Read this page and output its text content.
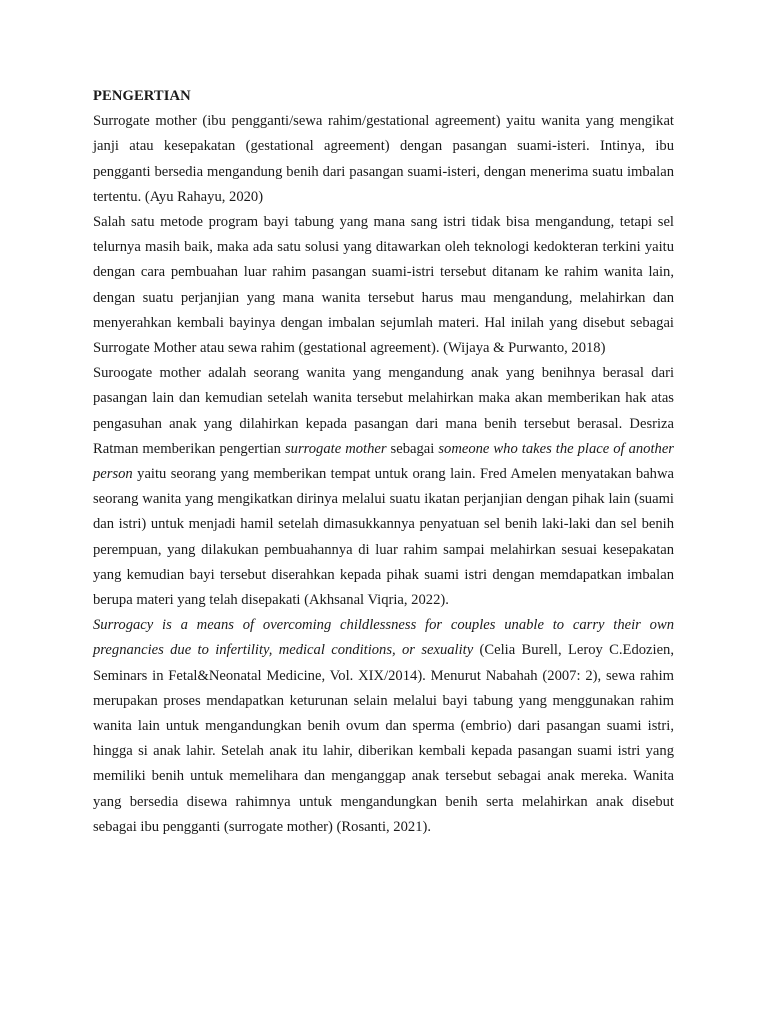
PENGERTIAN

Surrogate mother (ibu pengganti/sewa rahim/gestational agreement) yaitu wanita yang mengikat janji atau kesepakatan (gestational agreement) dengan pasangan suami-isteri. Intinya, ibu pengganti bersedia mengandung benih dari pasangan suami-isteri, dengan menerima suatu imbalan tertentu. (Ayu Rahayu, 2020)

Salah satu metode program bayi tabung yang mana sang istri tidak bisa mengandung, tetapi sel telurnya masih baik, maka ada satu solusi yang ditawarkan oleh teknologi kedokteran terkini yaitu dengan cara pembuahan luar rahim pasangan suami-istri tersebut ditanam ke rahim wanita lain, dengan suatu perjanjian yang mana wanita tersebut harus mau mengandung, melahirkan dan menyerahkan kembali bayinya dengan imbalan sejumlah materi. Hal inilah yang disebut sebagai Surrogate Mother atau sewa rahim (gestational agreement). (Wijaya & Purwanto, 2018)

Suroogate mother adalah seorang wanita yang mengandung anak yang benihnya berasal dari pasangan lain dan kemudian setelah wanita tersebut melahirkan maka akan memberikan hak atas pengasuhan anak yang dilahirkan kepada pasangan dari mana benih tersebut berasal. Desriza Ratman memberikan pengertian surrogate mother sebagai someone who takes the place of another person yaitu seorang yang memberikan tempat untuk orang lain. Fred Amelen menyatakan bahwa seorang wanita yang mengikatkan dirinya melalui suatu ikatan perjanjian dengan pihak lain (suami dan istri) untuk menjadi hamil setelah dimasukkannya penyatuan sel benih laki-laki dan sel benih perempuan, yang dilakukan pembuahannya di luar rahim sampai melahirkan sesuai kesepakatan yang kemudian bayi tersebut diserahkan kepada pihak suami istri dengan memdapatkan imbalan berupa materi yang telah disepakati (Akhsanal Viqria, 2022).

Surrogacy is a means of overcoming childlessness for couples unable to carry their own pregnancies due to infertility, medical conditions, or sexuality (Celia Burell, Leroy C.Edozien, Seminars in Fetal&Neonatal Medicine, Vol. XIX/2014). Menurut Nabahah (2007: 2), sewa rahim merupakan proses mendapatkan keturunan selain melalui bayi tabung yang menggunakan rahim wanita lain untuk mengandungkan benih ovum dan sperma (embrio) dari pasangan suami istri, hingga si anak lahir. Setelah anak itu lahir, diberikan kembali kepada pasangan suami istri yang memiliki benih untuk memelihara dan menganggap anak tersebut sebagai anak mereka. Wanita yang bersedia disewa rahimnya untuk mengandungkan benih serta melahirkan anak disebut sebagai ibu pengganti (surrogate mother) (Rosanti, 2021).
